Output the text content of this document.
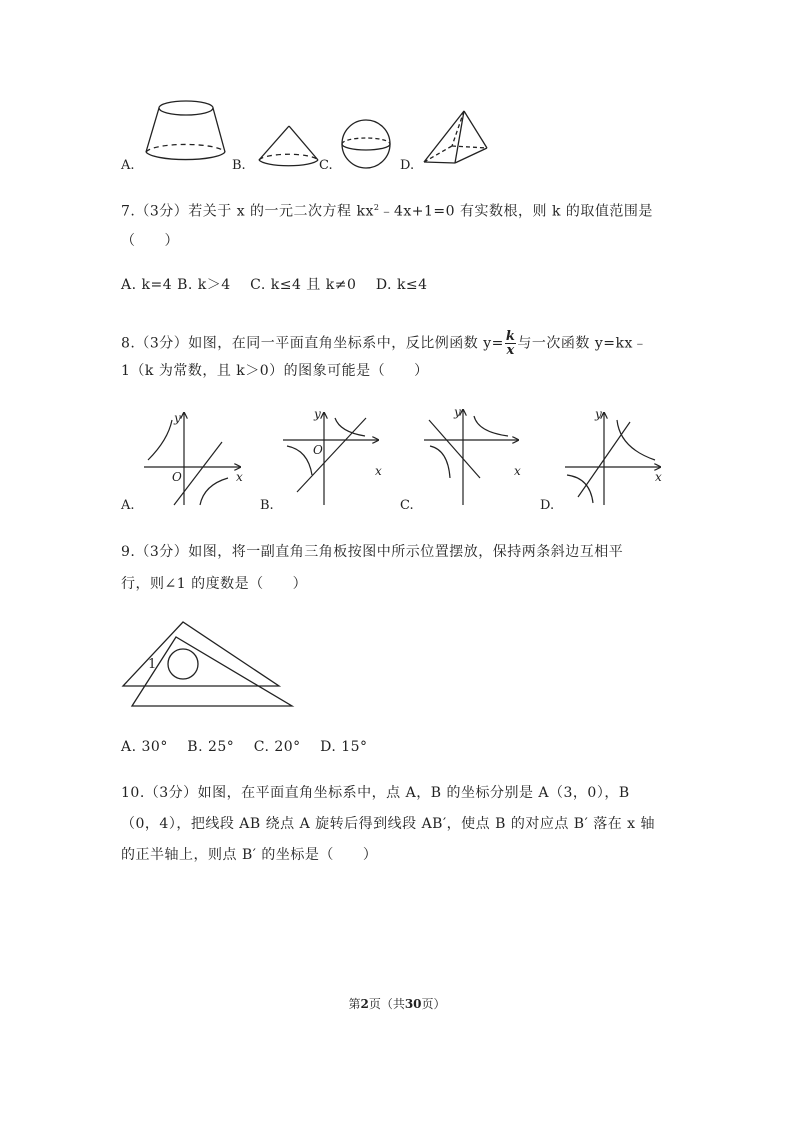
A.	B.	C.	D.
7.（3分）若关于 x 的一元二次方程 $kx^2﹣4x+1=0$ 有实数根，则 k 的取值范围是
（　　）
A. k=4 B. k＞4　 C. k≤4 且 k≠0　 D. k≤4
8.（3分）如图，在同一平面直角坐标系中，反比例函数 $y= \frac{k}{x}$ 与一次函数 y=kx﹣
1（k 为常数，且 k＞0）的图象可能是（　　）
y
O	x
y
O
x
y
x
y
x
A.	B.	C.	D.
9.（3分）如图，将一副直角三角板按图中所示位置摆放，保持两条斜边互相平
行，则∠1 的度数是（　　）
1
A. 30°　 B. 25°　 C. 20°　 D. 15°
10.（3分）如图，在平面直角坐标系中，点 A，B 的坐标分别是 A（3，0），B
（0，4），把线段 AB 绕点 A 旋转后得到线段 AB′，使点 B 的对应点 B′ 落在 x 轴
的正半轴上，则点 B′ 的坐标是（　　）
第2页（共30页）
